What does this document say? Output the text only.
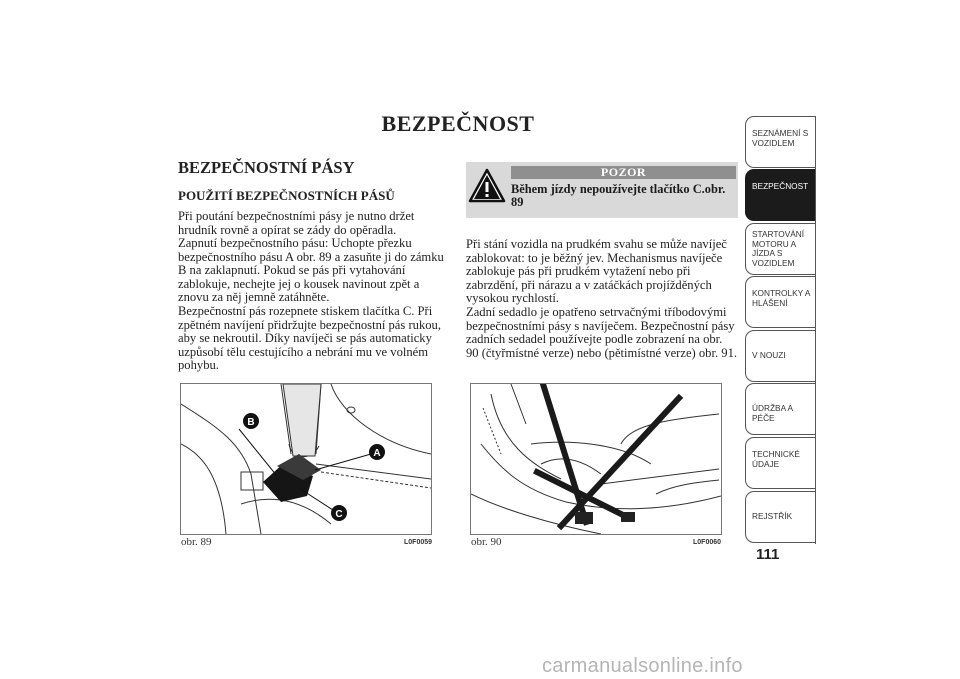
BEZPEČNOST
BEZPEČNOSTNÍ PÁSY
POUŽITÍ BEZPEČNOSTNÍCH PÁSŮ

Při poutání bezpečnostními pásy je nutno držet hrudník rovně a opírat se zády do opěradla.

Zapnutí bezpečnostního pásu: Uchopte přezku bezpečnostního pásu A obr. 89 a zasuňte ji do zámku B na zaklapnutí. Pokud se pás při vytahování zablokuje, nechejte jej o kousek navinout zpět a znovu za něj jemně zatáhněte.

Bezpečnostní pás rozepnete stiskem tlačítka C. Při zpětném navíjení přidržujte bezpečnostní pás rukou, aby se nekroutil. Díky navíječi se pás automaticky uzpůsobí tělu cestujícího a nebrání mu ve volném pohybu.

POZOR
Během jízdy nepoužívejte tlačítko C.obr. 89

Při stání vozidla na prudkém svahu se může navíječ zablokovat: to je běžný jev. Mechanismus navíječe zablokuje pás při prudkém vytažení nebo při zabrzdění, při nárazu a v zatáčkách projížděných vysokou rychlostí.

Zadní sedadlo je opatřeno setrvačnými tříbodovými bezpečnostními pásy s navíječem. Bezpečnostní pásy zadních sedadel používejte podle zobrazení na obr. 90 (čtyřmístné verze) nebo (pětimístné verze) obr. 91.

B
A
C
obr. 89	L0F0059	obr. 90	L0F0060
SEZNÁMENÍ S VOZIDLEM
BEZPEČNOST
STARTOVÁNÍ MOTORU A JÍZDA S VOZIDLEM
KONTROLKY A HLÁŠENÍ
V NOUZI
ÚDRŽBA A PÉČE
TECHNICKÉ ÚDAJE
REJSTŘÍK
111
carmanualsonline.info
